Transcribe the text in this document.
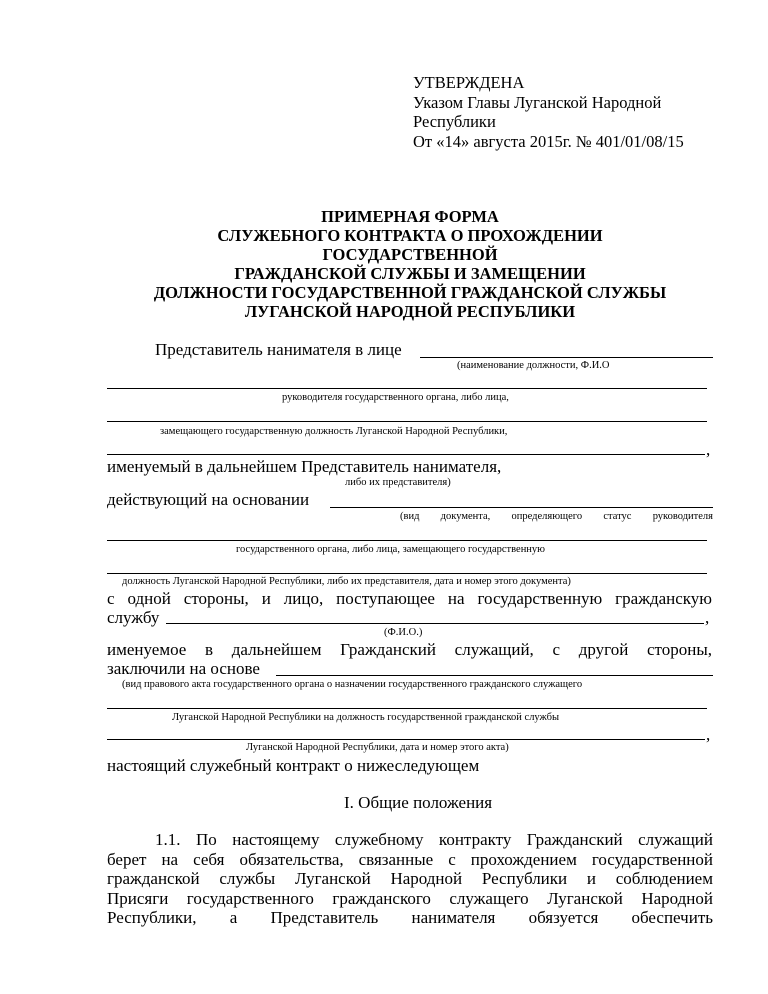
УТВЕРЖДЕНА
Указом Главы Луганской Народной
Республики
От «14» августа 2015г. № 401/01/08/15
ПРИМЕРНАЯ ФОРМА
СЛУЖЕБНОГО КОНТРАКТА О ПРОХОЖДЕНИИ
ГОСУДАРСТВЕННОЙ
ГРАЖДАНСКОЙ СЛУЖБЫ И ЗАМЕЩЕНИИ
ДОЛЖНОСТИ ГОСУДАРСТВЕННОЙ ГРАЖДАНСКОЙ СЛУЖБЫ
ЛУГАНСКОЙ НАРОДНОЙ РЕСПУБЛИКИ
Представитель нанимателя в лице
(наименование должности, Ф.И.О
руководителя государственного органа, либо лица,
замещающего государственную должность Луганской Народной Республики,
,
именуемый в дальнейшем Представитель нанимателя,
либо их представителя)
действующий на основании
(вид документа, определяющего статус руководителя
государственного органа, либо лица, замещающего государственную
должность Луганской Народной Республики, либо их представителя, дата и номер этого документа)
с одной стороны, и лицо, поступающее на государственную гражданскую
службу	,
(Ф.И.О.)
именуемое в дальнейшем Гражданский служащий, с другой стороны,
заключили на основе
(вид правового акта государственного органа о назначении государственного гражданского служащего
Луганской Народной Республики на должность государственной гражданской службы
,
Луганской Народной Республики, дата и номер этого акта)
настоящий служебный контракт о нижеследующем
I. Общие положения
1.1. По настоящему служебному контракту Гражданский служащий
берет на себя обязательства, связанные с прохождением государственной
гражданской службы Луганской Народной Республики и соблюдением
Присяги государственного гражданского служащего Луганской Народной
Республики, а Представитель нанимателя обязуется обеспечить
